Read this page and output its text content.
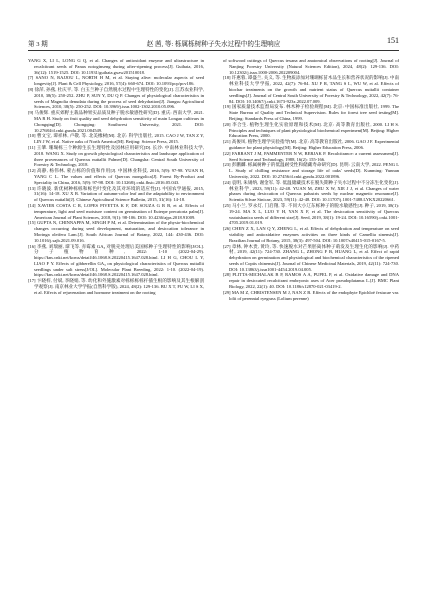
第 3 期	赵 茜, 等: 栎属栎树种子失水过程中的生理响应	151

YANG X, LI L, LONG G Q, et al. Changes of antioxidant enzyme and ultrastructure in recalcitrant seeds of Panax notoginseng during after-ripening process[J]. Guihaia, 2016, 36(12): 1519-1525. DOI: 10.11931/guihaia.gxzw201510018.

[7] SANO N, RAJJOU L, NORTH H M, et al. Staying alive: molecular aspects of seed longevity[J]. Plant & Cell Physiology, 2016, 57(4): 660-674. DOI: 10.1093/pcp/pcv186.

[8] 徐萍, 孙燕, 杜庆平, 等. 白玉兰种子自然脱水过程中生理特性的变化[J]. 江苏农业科学, 2010, 38(5): 250-252. ZHU P, SUN Y, DU Q P. Changes of physiological characteristics in seeds of Magnolia denudata during the process of seed dehydration[J]. Jiangsu Agricultural Sciences, 2010, 38(5): 250-252. DOI: 10.3969/j.issn.1002-1302.2010.05.096.

[9] 马俊辉. 重庆郊野主栽品种果实品质及种子脱水敏感性研究[D]. 重庆: 西南大学, 2021. MA R H. Study on fruit quality and seed dehydration sensitivity of main Longan cultivars in Chongqing[D]. Chongqing: Southwest University, 2021. DOI: 10.27684/d.cnki.gxndu.2021.004549.

[10] 曹文宝, 谭祥林, 卢敬, 等. 北美橡树[M]. 北京: 科学出版社, 2015. CAO J W, TAN Z Y, LIN J W, et al. Native oaks of North America[M]. Beijing: Science Press, 2015.

[11] 王肇. 珊瑚栎三个种源生长生理特性及园林应用研究[D]. 长沙: 中南林业科技大学, 2018. WANG X. Study on growth physiological characteristics and landscape application of three provenances of Quercus nuttallii Palmer[D]. Changsha: Central South University of Forestry & Technology, 2018.

[12] 高静, 杨伟林, 蒙古栎的价值和作用[J]. 中国林业科技, 2016, 5(9): 97-98. YUAN H, YANG C L. The values and effects of Quercus mongolica[J]. Forest By-Product and Speciality in China, 2016, 5(9): 97-98. DOI: 10.13268/j.cnki.fbsic.2016.05.043.

[13] 许晓波. 新优树种栎栎和栎色叶变化及其对环境的适应性[J]. 中国农学通报, 2015, 31(16): 14-18. XU X B. Variation of autumn-color leaf and the adaptability to environment of Quercus nuttallii[J]. Chinese Agricultural Science Bulletin, 2015, 31(16): 14-18.

[14] XAVIER COSTA C R, LOPES PIVETTA K F, DE SOUZA G R B, et al. Effects of temperature, light and seed moisture content on germination of Euterpe precatoria palm[J]. American Journal of Plant Sciences, 2018, 9(1): 98-106. DOI: 10.4236/ajps.2018.91009.

[15] GUPTA N, CHINNAPPA M, SINGH P M, et al. Determination of the physio-biochemical changes occurring during seed development, maturation, and desiccation tolerance in Moringa oleifera Lam.[J]. South African Journal of Botany, 2022, 144: 430-436. DOI: 10.1016/j.sajb.2021.09.016.

[16] 李燕, 刘瑞丽, 谭飞等. 赤霉素 GA₃ 对脱壳处理后美国栎种子生理特性的影响[J/OL]. 分子植物育种, 2022: 1-10 (2022-04-29). https://kns.cnki.net/kcms/detail/46.1068.S.20220415.1647.028.html. LI H G, CHOU L Y, LIAO F Y. Effects of gibberellin GA₃ on physiological characteristics of Quercus nuttallii seedlings under salt stress[J/OL]. Molecular Plant Breeding, 2022: 1-10. (2022-04-19). https://kns.cnki.net/kcms/detail/46.1068.S.20220415.1647.028.html.

[17] 卞晓梓, 付斌, 李晓娟, 等. 幼化和外施激素对栎栎栎栎扦插生根的影响及其生根解剖学观察[J]. 南京林业大学学报(自然科学版), 2024, 48(2): 129-136. BU X T, FU W, LI S X, et al. Effects of rejuvenation and hormone treatment on the rooting

of softwood cuttings of Quercus texana and anatomical observations of rooting[J]. Journal of Nanjing Forestry University (Natural Sciences Edition), 2024, 48(2): 129-136. DOI: 10.12302/j.issn.1000-2006.202209004.

[18] 许惠蓉, 谭盛兰, 关义, 等. 生物质添加对珊瑚栎苗木品生长和营养状况的影响[J]. 中南林业科技大学学报, 2022, 42(7): 76-84. XU F R, TANG S L, WU W, et al. Effects of biochar treatments on the growth and nutrient status of Quercus nuttallii container seedlings[J]. Journal of Central South University of Forestry & Technology, 2022, 42(7): 76-84. DOI: 10.14067/j.cnki.1673-923x.2022.07.009.

[19] 国家质量技术监督局发布. 林木种子检验规程[M]. 北京: 中国标准出版社, 1999. The State Bureau of Quality and Technical Supervision. Rules for forest tree seed testing[M]. Beijing: Standards Press of China, 1999.

[20] 李合生. 植物生理生化实验原理和技术[M]. 北京: 高等教育出版社, 2000. LI H S. Principles and techniques of plant physiological biochemical experiment[M]. Beijing: Higher Education Press, 2000.

[21] 高俊凤. 植物生理学实验指导[M]. 北京: 高等教育出版社, 2006. GAO J F. Experimental guidance for plant physiology[M]. Beijing: Higher Education Press, 2006.

[22] FARRANT J M, PAMMENTER N W, BERJAK P. Recalcitrance: a current assessment[J]. Seed Science and Technology, 1988, 16(2): 155-166.

[23] 彭鹏麟. 栎属树种子的低温耐受性和储藏寿命研究[D]. 昆明: 云南大学, 2022. PENG L L. Study of chilling resistance and storage life of oaks' seeds[D]. Kunming: Yunnan University, 2022. DOI: 10.27456/d.cnki.gyndu.2022.001896.

[24] 袁明, 朱锡纳, 谢金军, 等. 低温储藏技术在脱失期种子失水过程中不分冻生化变化[J]. 林业科学, 2023, 59(11): 42-48. YUAN M, ZHU X W, XIE J J, et al. Changes of water phases during desiccation of Quercus palustris seeds by nuclear magnetic resonance[J]. Scientia Silvae Sinicae, 2023, 59(11): 42-48. DOI: 10.11707/j.1001-7488.LYKX20220661.

[25] 马小兰, 罗永灯, 门启翔, 等. 不同大小辽东栎种子的脱水敏感性[J]. 种子, 2019, 38(1): 19-24. MA X L, LUO Y H, YAN X F, et al. The desiccation sensitivity of Quercus wutaishanica seeds of different size[J]. Seed, 2019, 38(1): 19-24. DOI: 10.16590/j.cnki.1001-4705.2019.01.019.

[26] CHEN Z X, LAN Q Y, ZHENG L, et al. Effects of dehydration and temperature on seed viability and antioxidative enzymes activities on three kinds of Camellia sinensis[J]. Brazilian Journal of Botany, 2015, 38(3): 497-504. DOI: 10.1007/s40415-015-0167-5.

[27] 章林, 钟木贵, 黄玲, 等. 快速脱水对芒果胚离体种子萌发及生理生化的影响[J]. 中药材, 2019, 42(11): 724-730. ZHANG L, ZHONG F B, HUANG L, et al. Effect of rapid dehydration on germination and physiological and biochemical characteristics of the ripened seeds of Coptis chinensis[J]. Journal of Chinese Medicinal Materials, 2019, 42(11): 724-730. DOI: 10.13863/j.issn1001-4454.2019.04.005.

[28] PLITTA-MICHALAK B P, RAMOS A A, PUPEL P, et al. Oxidative damage and DNA repair in desiccated recalcitrant embryonic axes of Acer pseudoplatanus L.[J]. BMC Plant Biology, 2022, 22(1): 40. DOI: 10.1186/s12870-021-03419-2.

[29] MA M Z, CHRISTENSEN M J, NAN Z B. Effects of the endophyte Epichloë festucae var. lolii of perennial ryegrass (Lolium perenne)
